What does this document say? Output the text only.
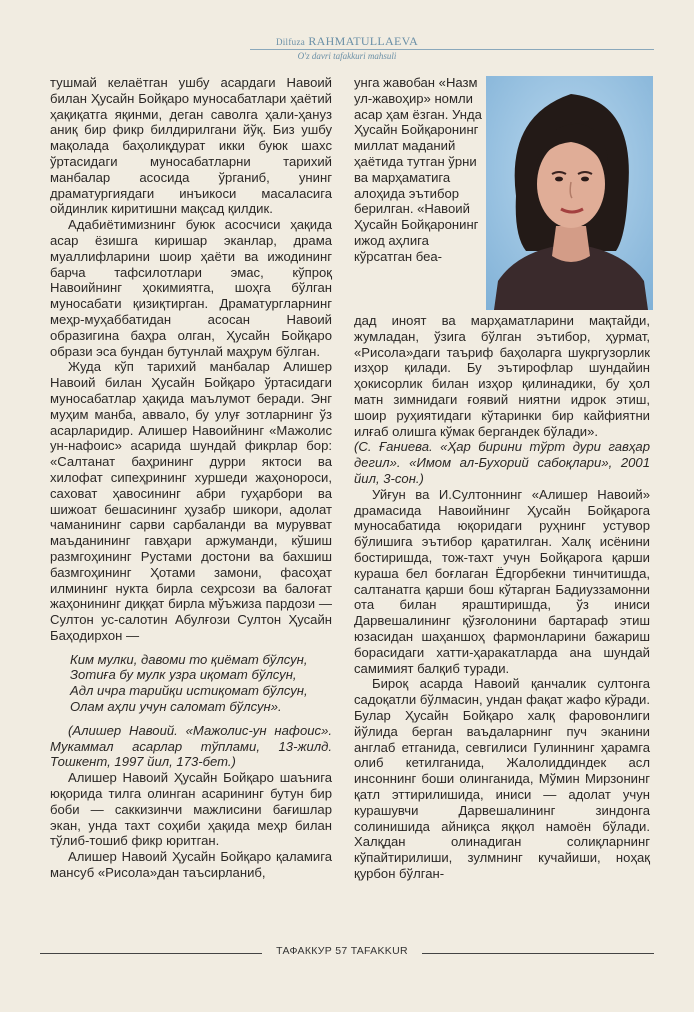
Dilfuza RAHMATULLAEVA
O'z davri tafakkuri mahsuli

тушмай келаётган ушбу асардаги Навоий билан Ҳусайн Бойқаро муносабатлари ҳаётий ҳақиқатга яқинми, деган саволга ҳали-ҳануз аниқ бир фикр билдирилгани йўқ. Биз ушбу мақолада баҳолиқдурат икки буюк шахс ўртасидаги муносабатларни тарихий манбалар асосида ўрганиб, унинг драматургиядаги инъикоси масаласига ойдинлик киритишни мақсад қилдик.

Адабиётимизнинг буюк асосчиси ҳақида асар ёзишга киришар эканлар, драма муаллифларини шоир ҳаёти ва ижодининг барча тафсилотлари эмас, кўпроқ Навоийнинг ҳокимиятга, шоҳга бўлган муносабати қизиқтирган. Драматургларнинг меҳр-муҳаббатидан асосан Навоий образигина баҳра олган, Ҳусайн Бойқаро образи эса бундан бутунлай маҳрум бўлган.

Жуда кўп тарихий манбалар Алишер Навоий билан Ҳусайн Бойқаро ўртасидаги муносабатлар ҳақида маълумот беради. Энг муҳим манба, аввало, бу улуғ зотларнинг ўз асарларидир. Алишер Навоийнинг «Мажолис ун-нафоис» асарида шундай фикрлар бор: «Салтанат баҳрининг дурри яктоси ва хилофат сипеҳрининг хуршеди жаҳонороси, саховат ҳавосининг абри гуҳарбори ва шижоат бешасининг ҳузабр шикори, адолат чаманининг сарви сарбаланди ва мурувват маъданининг гавҳари аржуманди, кўшиш размгоҳининг Рустами достони ва бахшиш базмгоҳининг Ҳотами замони, фасоҳат илмининг нукта бирла сеҳрсози ва балоғат жаҳонининг диққат бирла мўъжиза пардози — Султон ус-салотин Абулғози Султон Ҳусайн Баҳодирхон —

Ким мулки, давоми то қиёмат бўлсун,
Зотиға бу мулк узра иқомат бўлсун,
Адл ичра тарийқи истиқомат бўлсун,
Олам аҳли учун саломат бўлсун».

(Алишер Навоий. «Мажолис-ун нафоис». Мукаммал асарлар тўплами, 13-жилд. Тошкент, 1997 йил, 173-бет.)

Алишер Навоий Ҳусайн Бойқаро шаънига юқорида тилга олинган асарининг бутун бир боби — саккизинчи мажлисини бағишлар экан, унда тахт соҳиби ҳақида меҳр билан тўлиб-тошиб фикр юритган.

Алишер Навоий Ҳусайн Бойқаро қаламига мансуб «Рисола»дан таъсирланиб,

унга жавобан «Назм ул-жавоҳир» номли асар ҳам ёзган. Унда Ҳусайн Бойқаронинг миллат маданий ҳаётида тутган ўрни ва марҳаматига алоҳида эътибор берилган. «Навоий Ҳусайн Бойқаронинг ижод аҳлига кўрсатган беа-

дад иноят ва марҳаматларини мақтайди, жумладан, ўзига бўлган эътибор, ҳурмат, «Рисола»даги таъриф баҳоларга шукргузорлик изҳор қилади. Бу эътирофлар шундайин ҳокисорлик билан изҳор қилинадики, бу ҳол матн зимнидаги ғоявий ниятни идрок этиш, шоир руҳиятидаги кўтаринки бир кайфиятни илғаб олишга кўмак бергандек бўлади».

(С. Ғаниева. «Ҳар бирини тўрт дури гавҳар дегил». «Имом ал-Бухорий сабоқлари», 2001 йил, 3-сон.)

Уйғун ва И.Султоннинг «Алишер Навоий» драмасида Навоийнинг Ҳусайн Бойқарога муносабатида юқоридаги руҳнинг устувор бўлишига эътибор қаратилган. Халқ исёнини бостиришда, тож-тахт учун Бойқарога қарши кураша бел боғлаган Ёдгорбекни тинчитишда, салтанатга қарши бош кўтарган Бадиуззамонни ота билан яраштиришда, ўз иниси Дарвешалининг қўзғолонини бартараф этиш юзасидан шаҳаншоҳ фармонларини бажариш борасидаги хатти-ҳаракатларда ана шундай самимият балқиб туради.

Бироқ асарда Навоий қанчалик султонга садоқатли бўлмасин, ундан фақат жафо кўради. Булар Ҳусайн Бойқаро халқ фаровонлиги йўлида берган ваъдаларнинг пуч эканини англаб етганида, севгилиси Гулиннинг ҳарамга олиб кетилганида, Жалолиддиндек асл инсоннинг боши олинганида, Мўмин Мирзонинг қатл эттирилишида, иниси — адолат учун курашувчи Дарвешалининг зиндонга солинишида айниқса яққол намоён бўлади. Халқдан олинадиган солиқларнинг кўпайтирилиши, зулмнинг кучайиши, ноҳақ қурбон бўлган-

ТАФАККУР 57 TAFAKKUR
